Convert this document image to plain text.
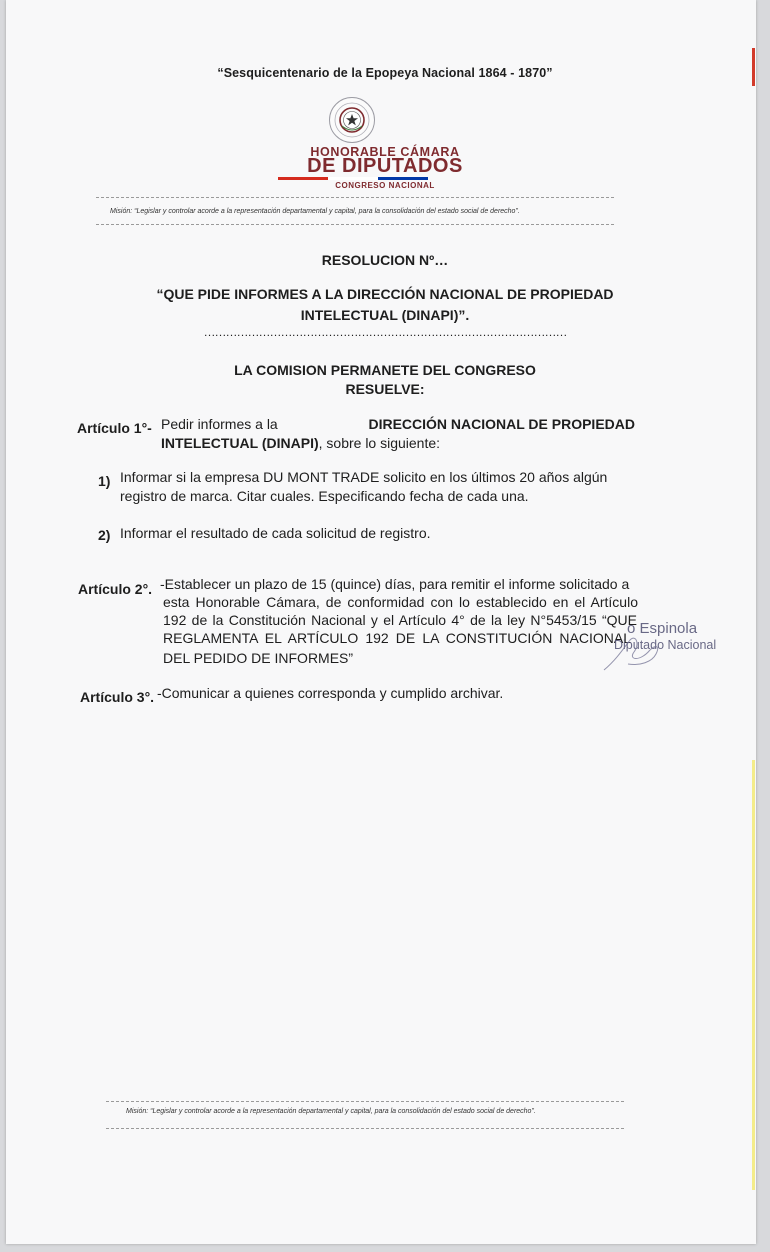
“Sesquicentenario de la Epopeya Nacional 1864 - 1870”
HONORABLE CÁMARA
DE DIPUTADOS
CONGRESO NACIONAL
Misión: “Legislar y controlar acorde a la representación departamental y capital, para la consolidación del estado social de derecho”.
RESOLUCION Nº…
“QUE PIDE INFORMES A LA DIRECCIÓN NACIONAL DE PROPIEDAD
INTELECTUAL (DINAPI)”.
………………………………………………………………………………………
LA COMISION PERMANETE DEL CONGRESO
RESUELVE:
Artículo 1°- Pedir informes a la	DIRECCIÓN NACIONAL DE PROPIEDAD
INTELECTUAL (DINAPI), sobre lo siguiente:
1) Informar si la empresa DU MONT TRADE solicito en los últimos 20 años algún
registro de marca. Citar cuales. Especificando fecha de cada una.
2) Informar el resultado de cada solicitud de registro.
Artículo 2°. -Establecer un plazo de 15 (quince) días, para remitir el informe solicitado a
esta Honorable Cámara, de conformidad con lo establecido en el Artículo
192 de la Constitución Nacional y el Artículo 4° de la ley N°5453/15 “QUE
REGLAMENTA EL ARTÍCULO 192 DE LA CONSTITUCIÓN NACIONAL
DEL PEDIDO DE INFORMES”
o Espinola
Diputado Nacional
Artículo 3°. -Comunicar a quienes corresponda y cumplido archivar.
Misión: “Legislar y controlar acorde a la representación departamental y capital, para la consolidación del estado social de derecho”.
